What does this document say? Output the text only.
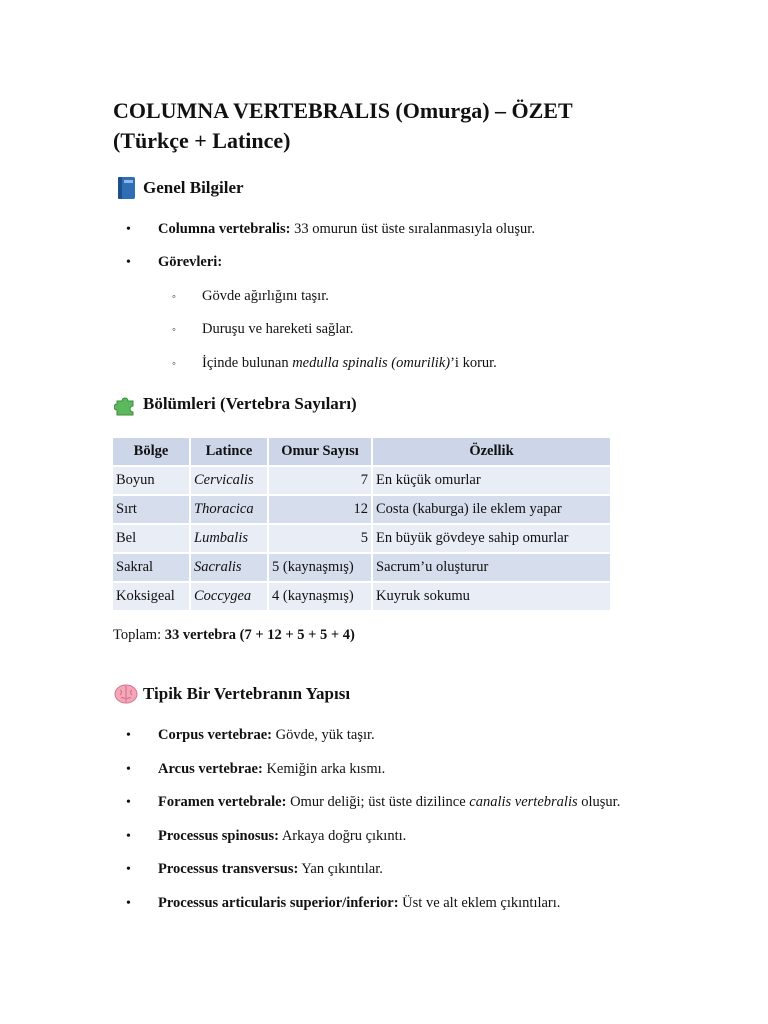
COLUMNA VERTEBRALIS (Omurga) – ÖZET
(Türkçe + Latince)
Genel Bilgiler
• Columna vertebralis: 33 omurun üst üste sıralanmasıyla oluşur.
• Görevleri:
◦ Gövde ağırlığını taşır.
◦ Duruşu ve hareketi sağlar.
◦ İçinde bulunan medulla spinalis (omurilik)’i korur.
Bölümleri (Vertebra Sayıları)
Bölge	Latince	Omur Sayısı	Özellik
Boyun	Cervicalis	7	En küçük omurlar
Sırt	Thoracica	12	Costa (kaburga) ile eklem yapar
Bel	Lumbalis	5	En büyük gövdeye sahip omurlar
Sakral	Sacralis	5 (kaynaşmış)	Sacrum’u oluşturur
Koksigeal	Coccygea	4 (kaynaşmış)	Kuyruk sokumu
Toplam: 33 vertebra (7 + 12 + 5 + 5 + 4)
Tipik Bir Vertebranın Yapısı
• Corpus vertebrae: Gövde, yük taşır.
• Arcus vertebrae: Kemiğin arka kısmı.
• Foramen vertebrale: Omur deliği; üst üste dizilince canalis vertebralis oluşur.
• Processus spinosus: Arkaya doğru çıkıntı.
• Processus transversus: Yan çıkıntılar.
• Processus articularis superior/inferior: Üst ve alt eklem çıkıntıları.
